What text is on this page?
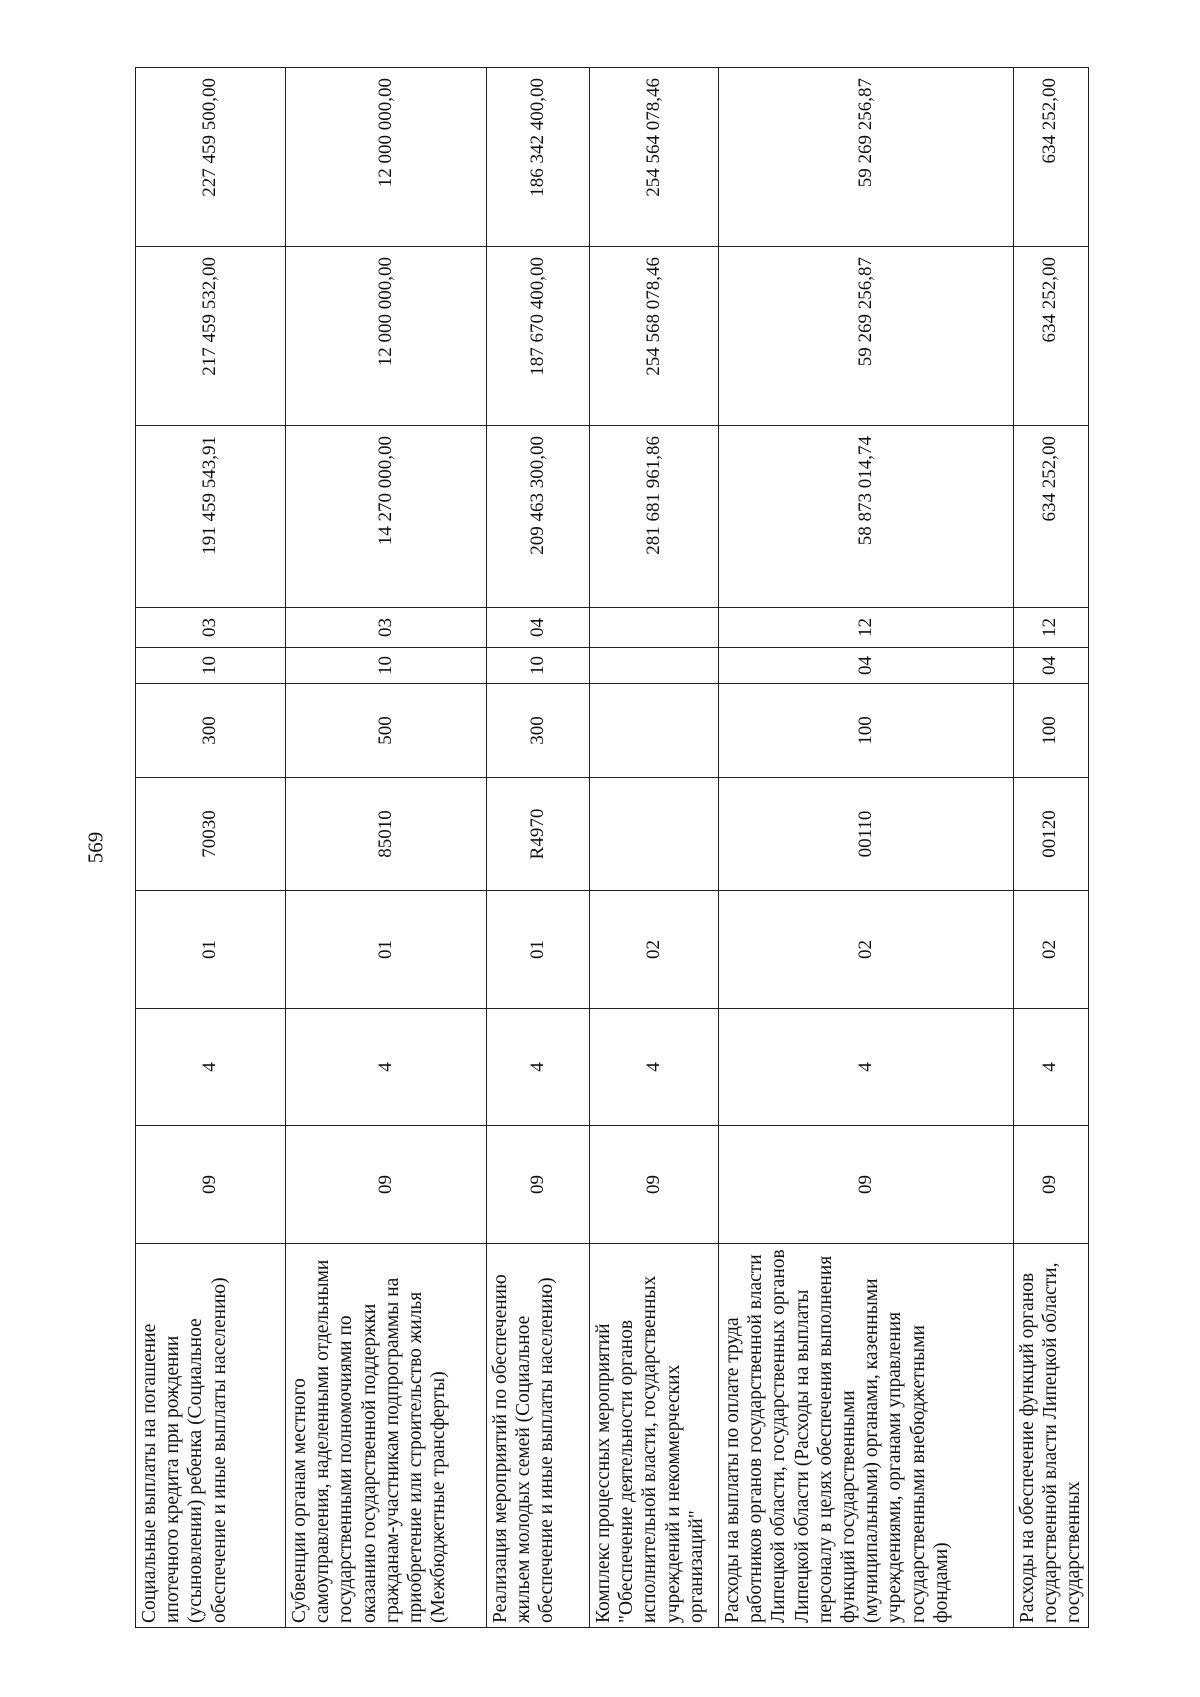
569
Социальные выплаты на погашение ипотечного кредита при рождении (усыновлении) ребенка (Социальное обеспечение и иные выплаты населению)	09	4	01	70030	300	10	03	191 459 543,91	217 459 532,00	227 459 500,00
Субвенции органам местного самоуправления, наделенными отдельными государственными полномочиями по оказанию государственной поддержки гражданам-участникам подпрограммы на приобретение или строительство жилья (Межбюджетные трансферты)	09	4	01	85010	500	10	03	14 270 000,00	12 000 000,00	12 000 000,00
Реализация мероприятий по обеспечению жильем молодых семей (Социальное обеспечение и иные выплаты населению)	09	4	01	R4970	300	10	04	209 463 300,00	187 670 400,00	186 342 400,00
Комплекс процессных мероприятий "Обеспечение деятельности органов исполнительной власти, государственных учреждений и некоммерческих организаций"	09	4	02					281 681 961,86	254 568 078,46	254 564 078,46
Расходы на выплаты по оплате труда работников органов государственной власти Липецкой области, государственных органов Липецкой области (Расходы на выплаты персоналу в целях обеспечения выполнения функций государственными (муниципальными) органами, казенными учреждениями, органами управления государственными внебюджетными фондами)	09	4	02	00110	100	04	12	58 873 014,74	59 269 256,87	59 269 256,87
Расходы на обеспечение функций органов государственной власти Липецкой области, государственных	09	4	02	00120	100	04	12	634 252,00	634 252,00	634 252,00
